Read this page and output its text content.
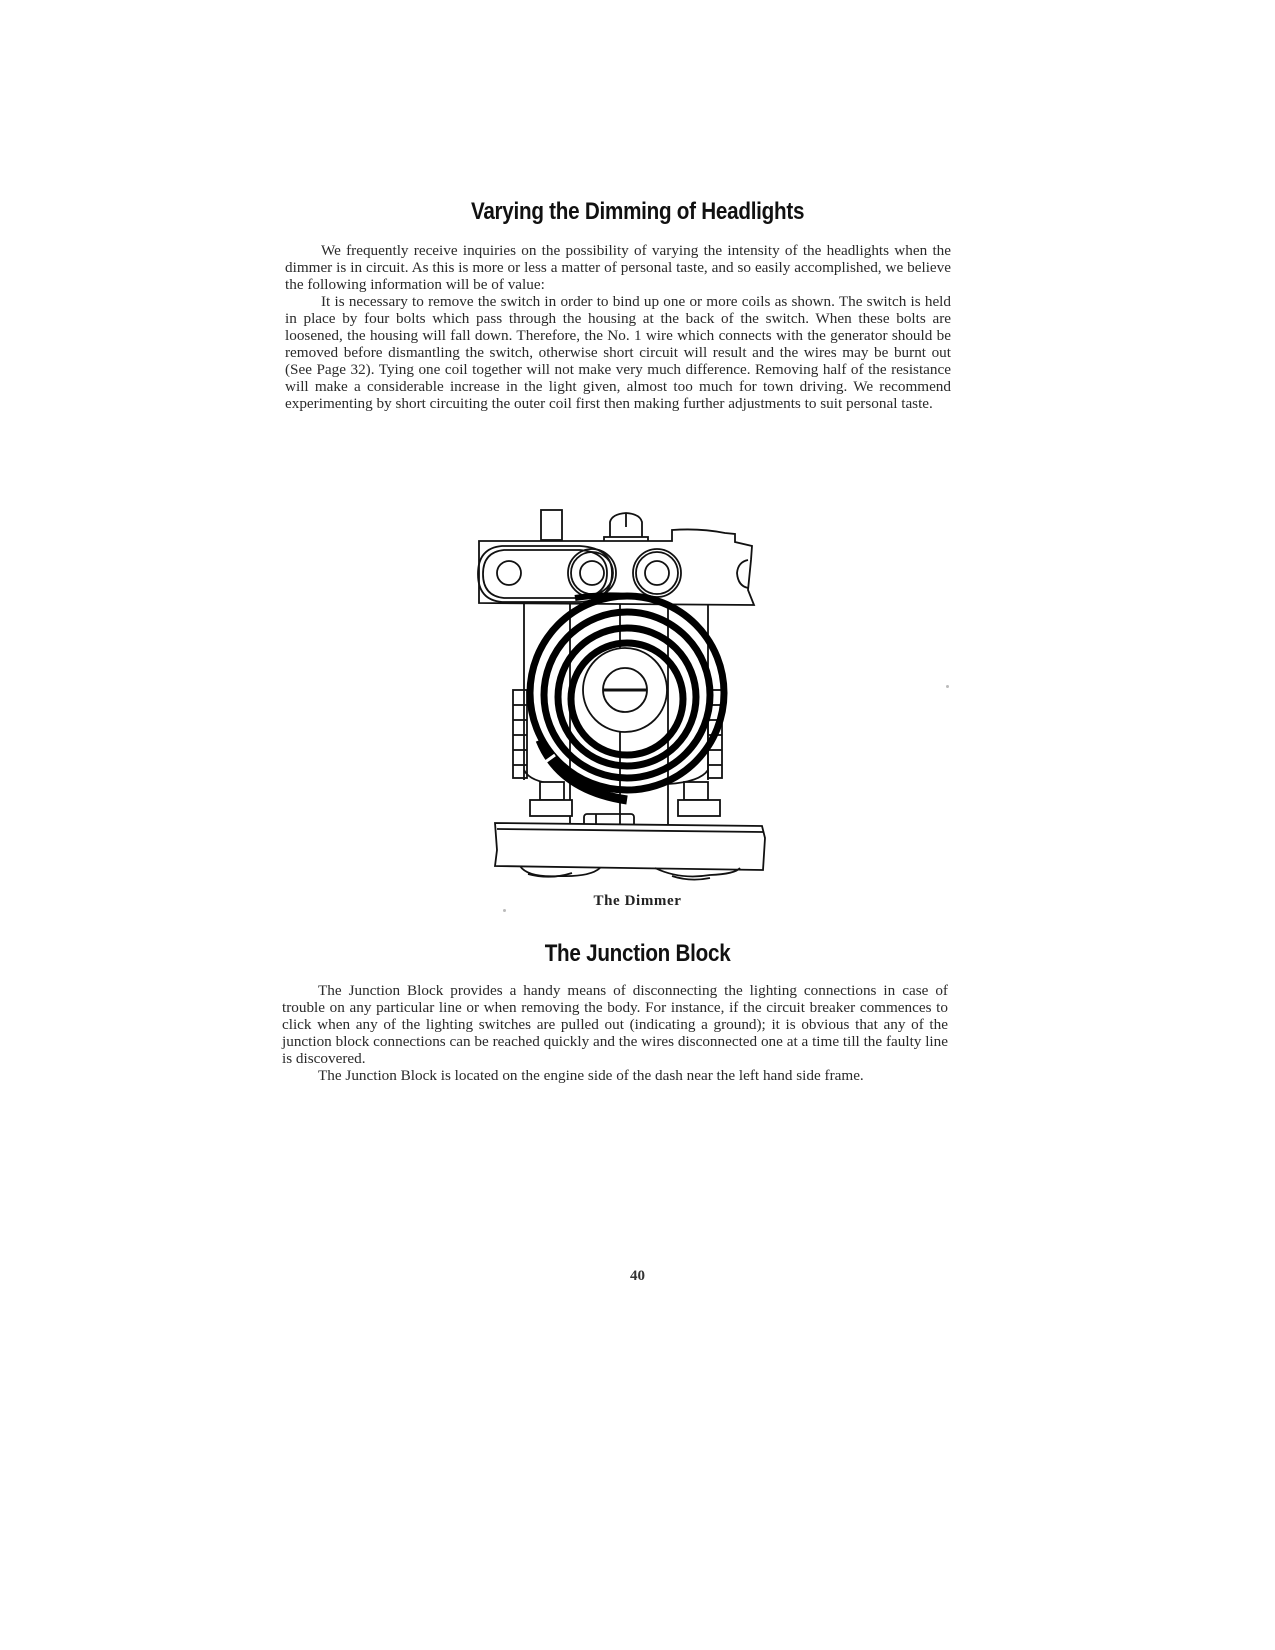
Varying the Dimming of Headlights

We frequently receive inquiries on the possibility of varying the intensity of the headlights when the dimmer is in circuit. As this is more or less a matter of personal taste, and so easily accomplished, we believe the following information will be of value:

It is necessary to remove the switch in order to bind up one or more coils as shown. The switch is held in place by four bolts which pass through the housing at the back of the switch. When these bolts are loosened, the housing will fall down. Therefore, the No. 1 wire which connects with the generator should be removed before dismantling the switch, otherwise short circuit will result and the wires may be burnt out (See Page 32). Tying one coil together will not make very much difference. Removing half of the resistance will make a considerable increase in the light given, almost too much for town driving. We recommend experimenting by short circuiting the outer coil first then making further adjustments to suit personal taste.

The Dimmer
The Junction Block

The Junction Block provides a handy means of disconnecting the lighting connections in case of trouble on any particular line or when removing the body. For instance, if the circuit breaker commences to click when any of the lighting switches are pulled out (indicating a ground); it is obvious that any of the junction block connections can be reached quickly and the wires disconnected one at a time till the faulty line is discovered.

The Junction Block is located on the engine side of the dash near the left hand side frame.

40
